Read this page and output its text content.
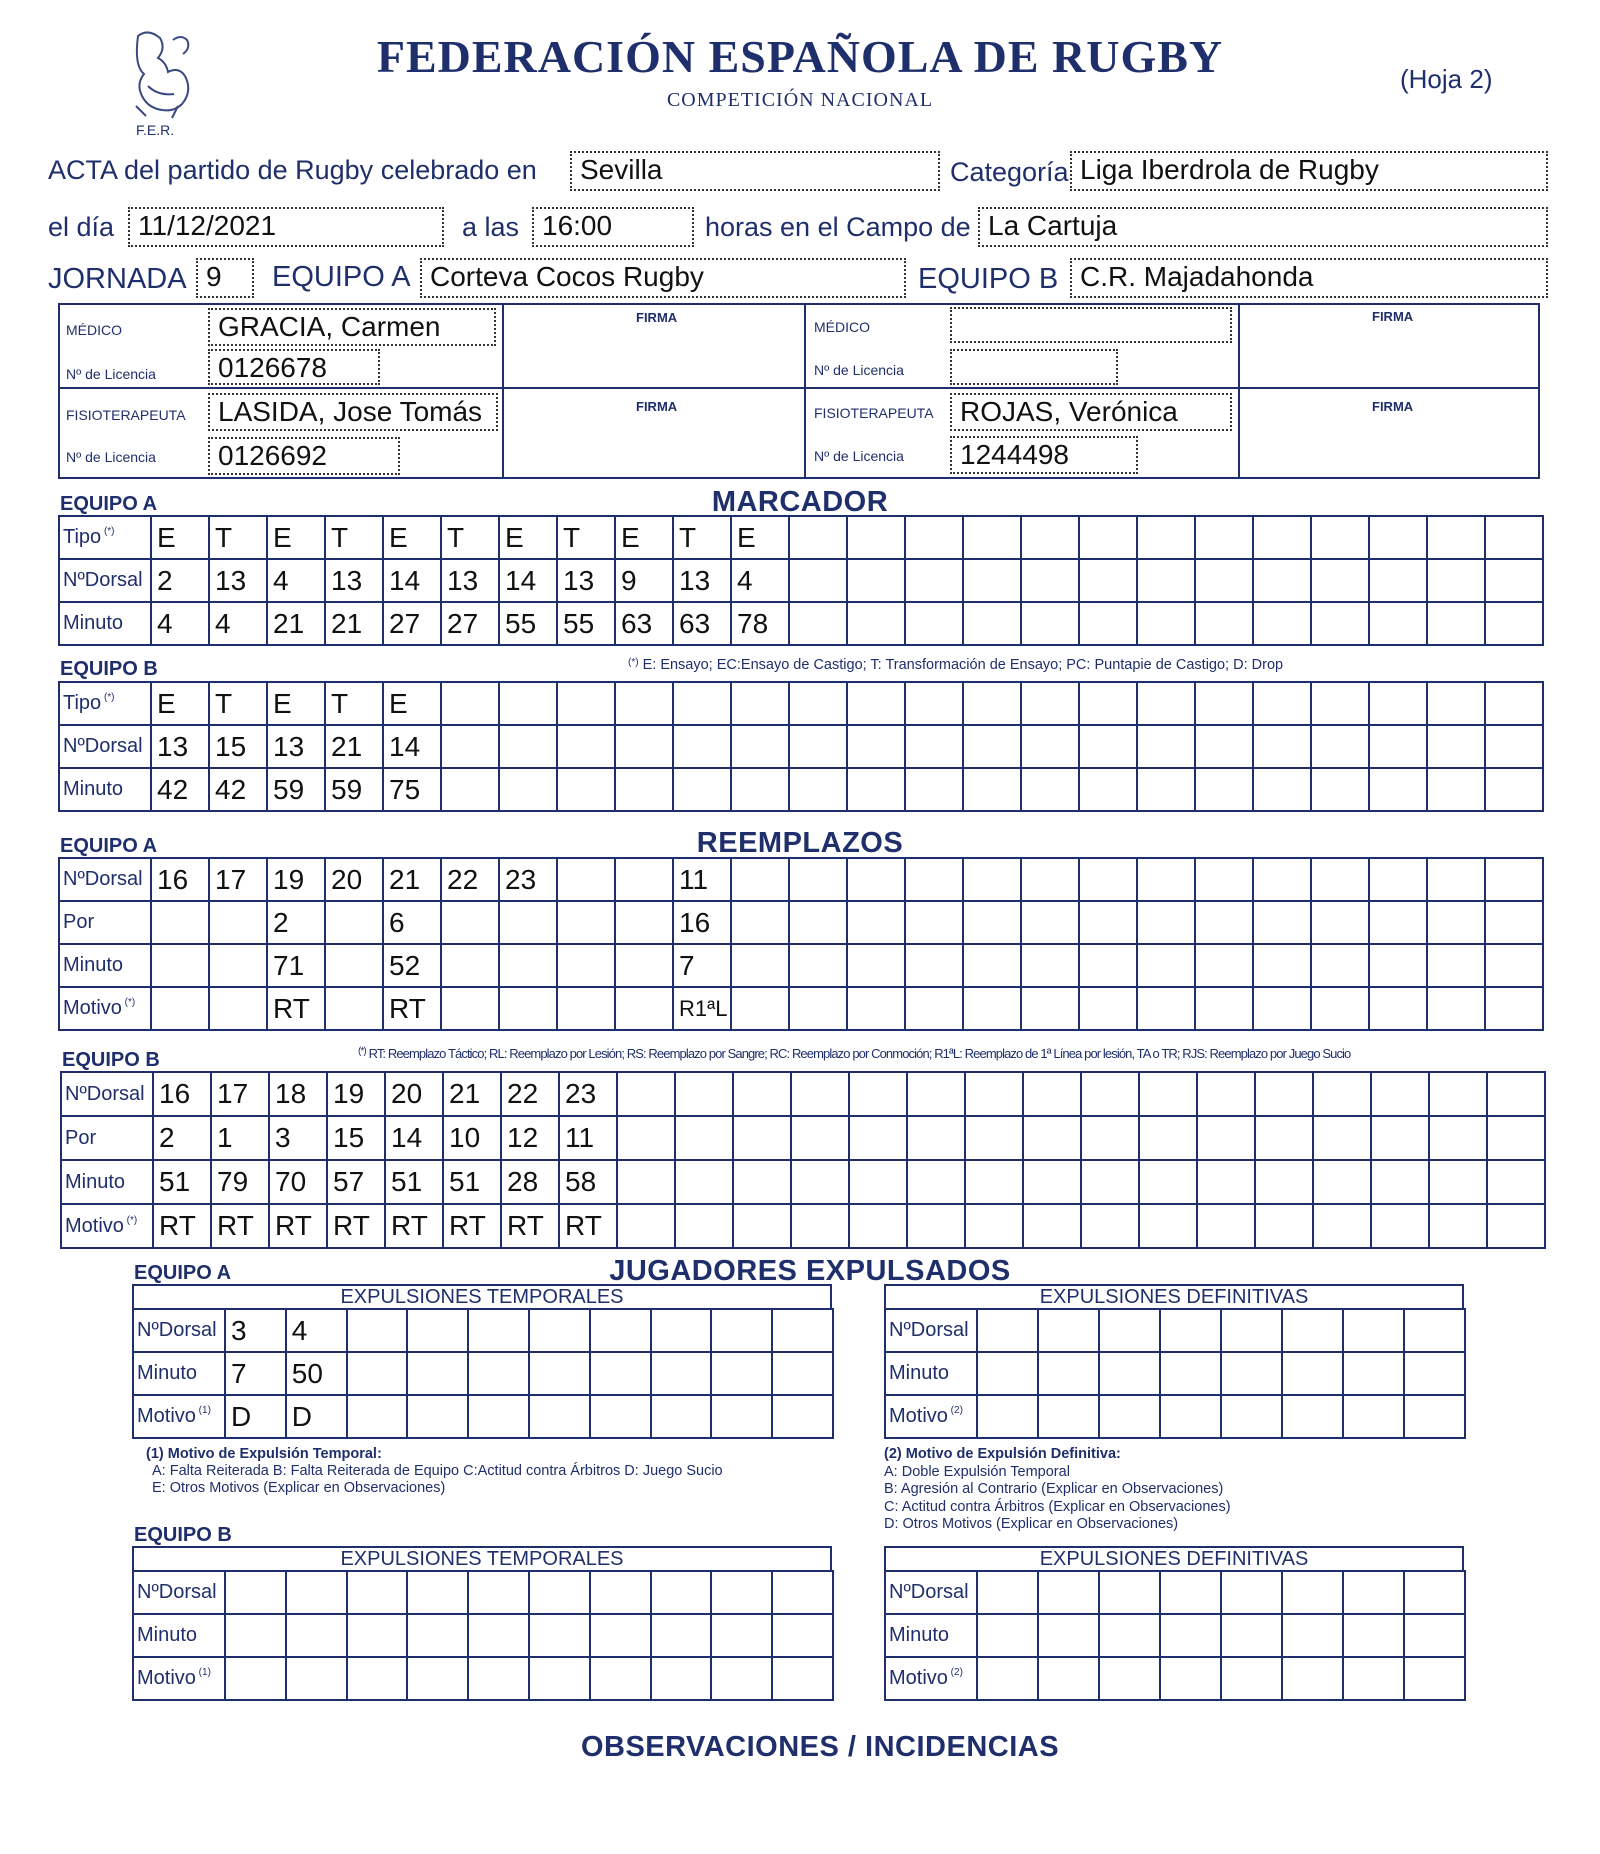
F.E.R.
FEDERACIÓN ESPAÑOLA DE RUGBY
COMPETICIÓN NACIONAL
(Hoja 2)
ACTA del partido de Rugby celebrado en	Sevilla	Categoría Liga Iberdrola de Rugby
el día 11/12/2021	a las 16:00	horas en el Campo de La Cartuja
JORNADA 9	EQUIPO A Corteva Cocos Rugby	EQUIPO B C.R. Majadahonda
MÉDICO	GRACIA, Carmen
Nº de Licencia	0126678
FISIOTERAPEUTA	LASIDA, Jose Tomás
Nº de Licencia	0126692
FIRMA
FIRMA
MÉDICO
Nº de Licencia
FISIOTERAPEUTA ROJAS, Verónica
Nº de Licencia	1244498
FIRMA
FIRMA
EQUIPO A	MARCADOR
Tipo (*)	E	T	E	T	E	T	E	T	E	T	E													
NºDorsal	2	13	4	13	14	13	14	13	9	13	4													
Minuto	4	4	21	21	27	27	55	55	63	63	78													
EQUIPO B	(*) E: Ensayo; EC:Ensayo de Castigo; T: Transformación de Ensayo; PC: Puntapie de Castigo; D: Drop
Tipo (*)	E	T	E	T	E																			
NºDorsal	13	15	13	21	14																			
Minuto	42	42	59	59	75																			
EQUIPO A	REEMPLAZOS
NºDorsal	16	17	19	20	21	22	23			11														
Por			2		6					16														
Minuto			71		52					7														
Motivo (*)			RT		RT					R1ªL														
EQUIPO B	(*) RT: Reemplazo Táctico; RL: Reemplazo por Lesión; RS: Reemplazo por Sangre; RC: Reemplazo por Conmoción; R1ªL: Reemplazo de 1ª Línea por lesión, TA o TR; RJS: Reemplazo por Juego Sucio
NºDorsal	16	17	18	19	20	21	22	23																
Por	2	1	3	15	14	10	12	11																
Minuto	51	79	70	57	51	51	28	58																
Motivo (*)	RT	RT	RT	RT	RT	RT	RT	RT																
EQUIPO A	JUGADORES EXPULSADOS
EXPULSIONES TEMPORALES
NºDorsal	3	4								
Minuto	7	50								
Motivo $^{(1)}$	D	D								
EXPULSIONES DEFINITIVAS
NºDorsal								
Minuto								
Motivo $^{(2)}$								
(1) Motivo de Expulsión Temporal:
A: Falta Reiterada B: Falta Reiterada de Equipo C:Actitud contra Árbitros D: Juego Sucio
E: Otros Motivos (Explicar en Observaciones)
(2) Motivo de Expulsión Definitiva:
A: Doble Expulsión Temporal
B: Agresión al Contrario (Explicar en Observaciones)
C: Actitud contra Árbitros (Explicar en Observaciones)
D: Otros Motivos (Explicar en Observaciones)
EQUIPO B
EXPULSIONES TEMPORALES
NºDorsal										
Minuto										
Motivo $^{(1)}$										
EXPULSIONES DEFINITIVAS
NºDorsal								
Minuto								
Motivo $^{(2)}$								
OBSERVACIONES / INCIDENCIAS
